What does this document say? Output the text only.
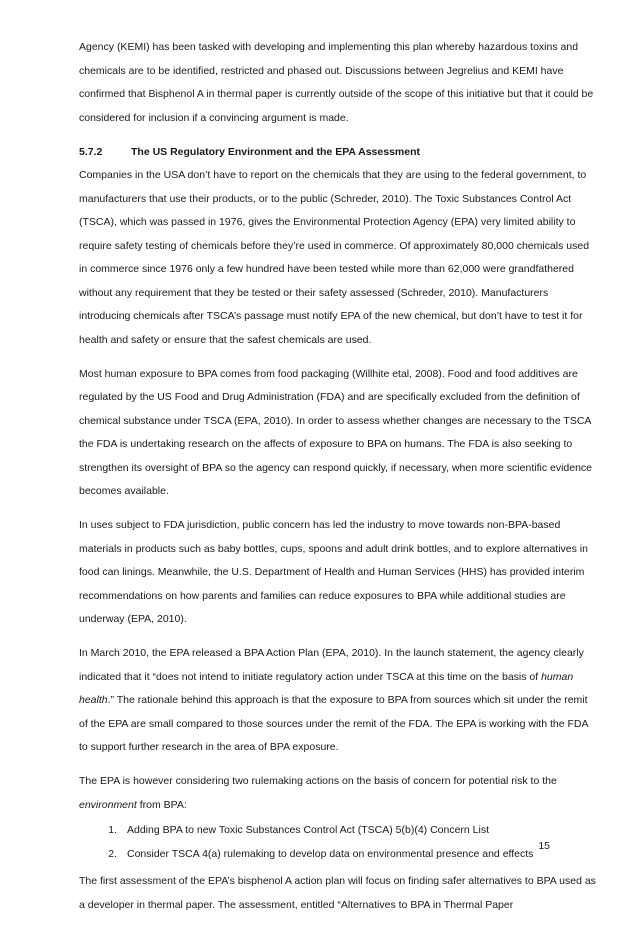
Agency (KEMI) has been tasked with developing and implementing this plan whereby hazardous toxins and chemicals are to be identified, restricted and phased out. Discussions between Jegrelius and KEMI have confirmed that Bisphenol A in thermal paper is currently outside of the scope of this initiative but that it could be considered for inclusion if a convincing argument is made.

5.7.2	The US Regulatory Environment and the EPA Assessment

Companies in the USA don’t have to report on the chemicals that they are using to the federal government, to manufacturers that use their products, or to the public (Schreder, 2010). The Toxic Substances Control Act (TSCA), which was passed in 1976, gives the Environmental Protection Agency (EPA) very limited ability to require safety testing of chemicals before they’re used in commerce. Of approximately 80,000 chemicals used in commerce since 1976 only a few hundred have been tested while more than 62,000 were grandfathered without any requirement that they be tested or their safety assessed (Schreder, 2010). Manufacturers introducing chemicals after TSCA’s passage must notify EPA of the new chemical, but don’t have to test it for health and safety or ensure that the safest chemicals are used.

Most human exposure to BPA comes from food packaging (Willhite etal, 2008). Food and food additives are regulated by the US Food and Drug Administration (FDA) and are specifically excluded from the definition of chemical substance under TSCA (EPA, 2010). In order to assess whether changes are necessary to the TSCA the FDA is undertaking research on the affects of exposure to BPA on humans. The FDA is also seeking to strengthen its oversight of BPA so the agency can respond quickly, if necessary, when more scientific evidence becomes available.

In uses subject to FDA jurisdiction, public concern has led the industry to move towards non-BPA-based materials in products such as baby bottles, cups, spoons and adult drink bottles, and to explore alternatives in food can linings. Meanwhile, the U.S. Department of Health and Human Services (HHS) has provided interim recommendations on how parents and families can reduce exposures to BPA while additional studies are underway (EPA, 2010).

In March 2010, the EPA released a BPA Action Plan (EPA, 2010). In the launch statement, the agency clearly indicated that it “does not intend to initiate regulatory action under TSCA at this time on the basis of human health.” The rationale behind this approach is that the exposure to BPA from sources which sit under the remit of the EPA are small compared to those sources under the remit of the FDA. The EPA is working with the FDA to support further research in the area of BPA exposure.

The EPA is however considering two rulemaking actions on the basis of concern for potential risk to the environment from BPA:

1. Adding BPA to new Toxic Substances Control Act (TSCA) 5(b)(4) Concern List
2. Consider TSCA 4(a) rulemaking to develop data on environmental presence and effects

The first assessment of the EPA’s bisphenol A action plan will focus on finding safer alternatives to BPA used as a developer in thermal paper. The assessment, entitled “Alternatives to BPA in Thermal Paper

15
